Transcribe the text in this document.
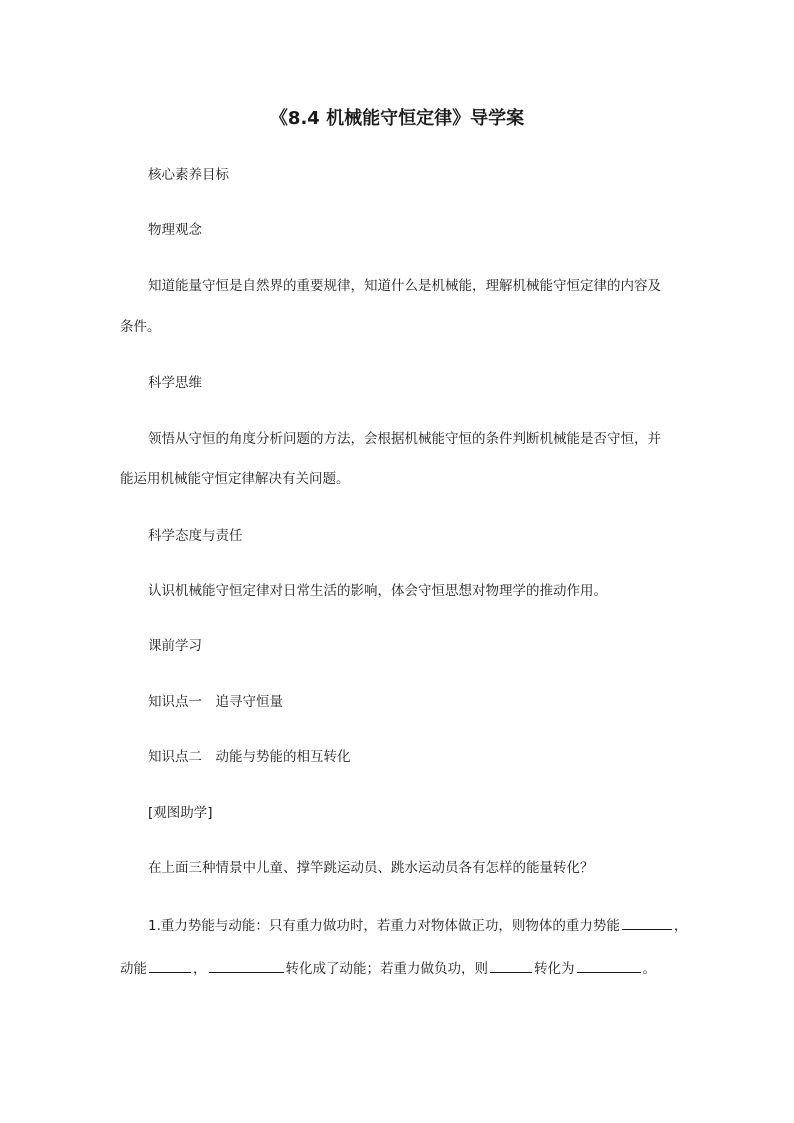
《8.4 机械能守恒定律》导学案
核心素养目标
物理观念
知道能量守恒是自然界的重要规律，知道什么是机械能，理解机械能守恒定律的内容及
条件。
科学思维
领悟从守恒的角度分析问题的方法，会根据机械能守恒的条件判断机械能是否守恒，并
能运用机械能守恒定律解决有关问题。
科学态度与责任
认识机械能守恒定律对日常生活的影响，体会守恒思想对物理学的推动作用。
课前学习
知识点一　追寻守恒量
知识点二　动能与势能的相互转化
[观图助学]
在上面三种情景中儿童、撑竿跳运动员、跳水运动员各有怎样的能量转化？
1.重力势能与动能：只有重力做功时，若重力对物体做正功，则物体的重力势能	，
动能	，	转化成了动能；若重力做负功，则	转化为	。
